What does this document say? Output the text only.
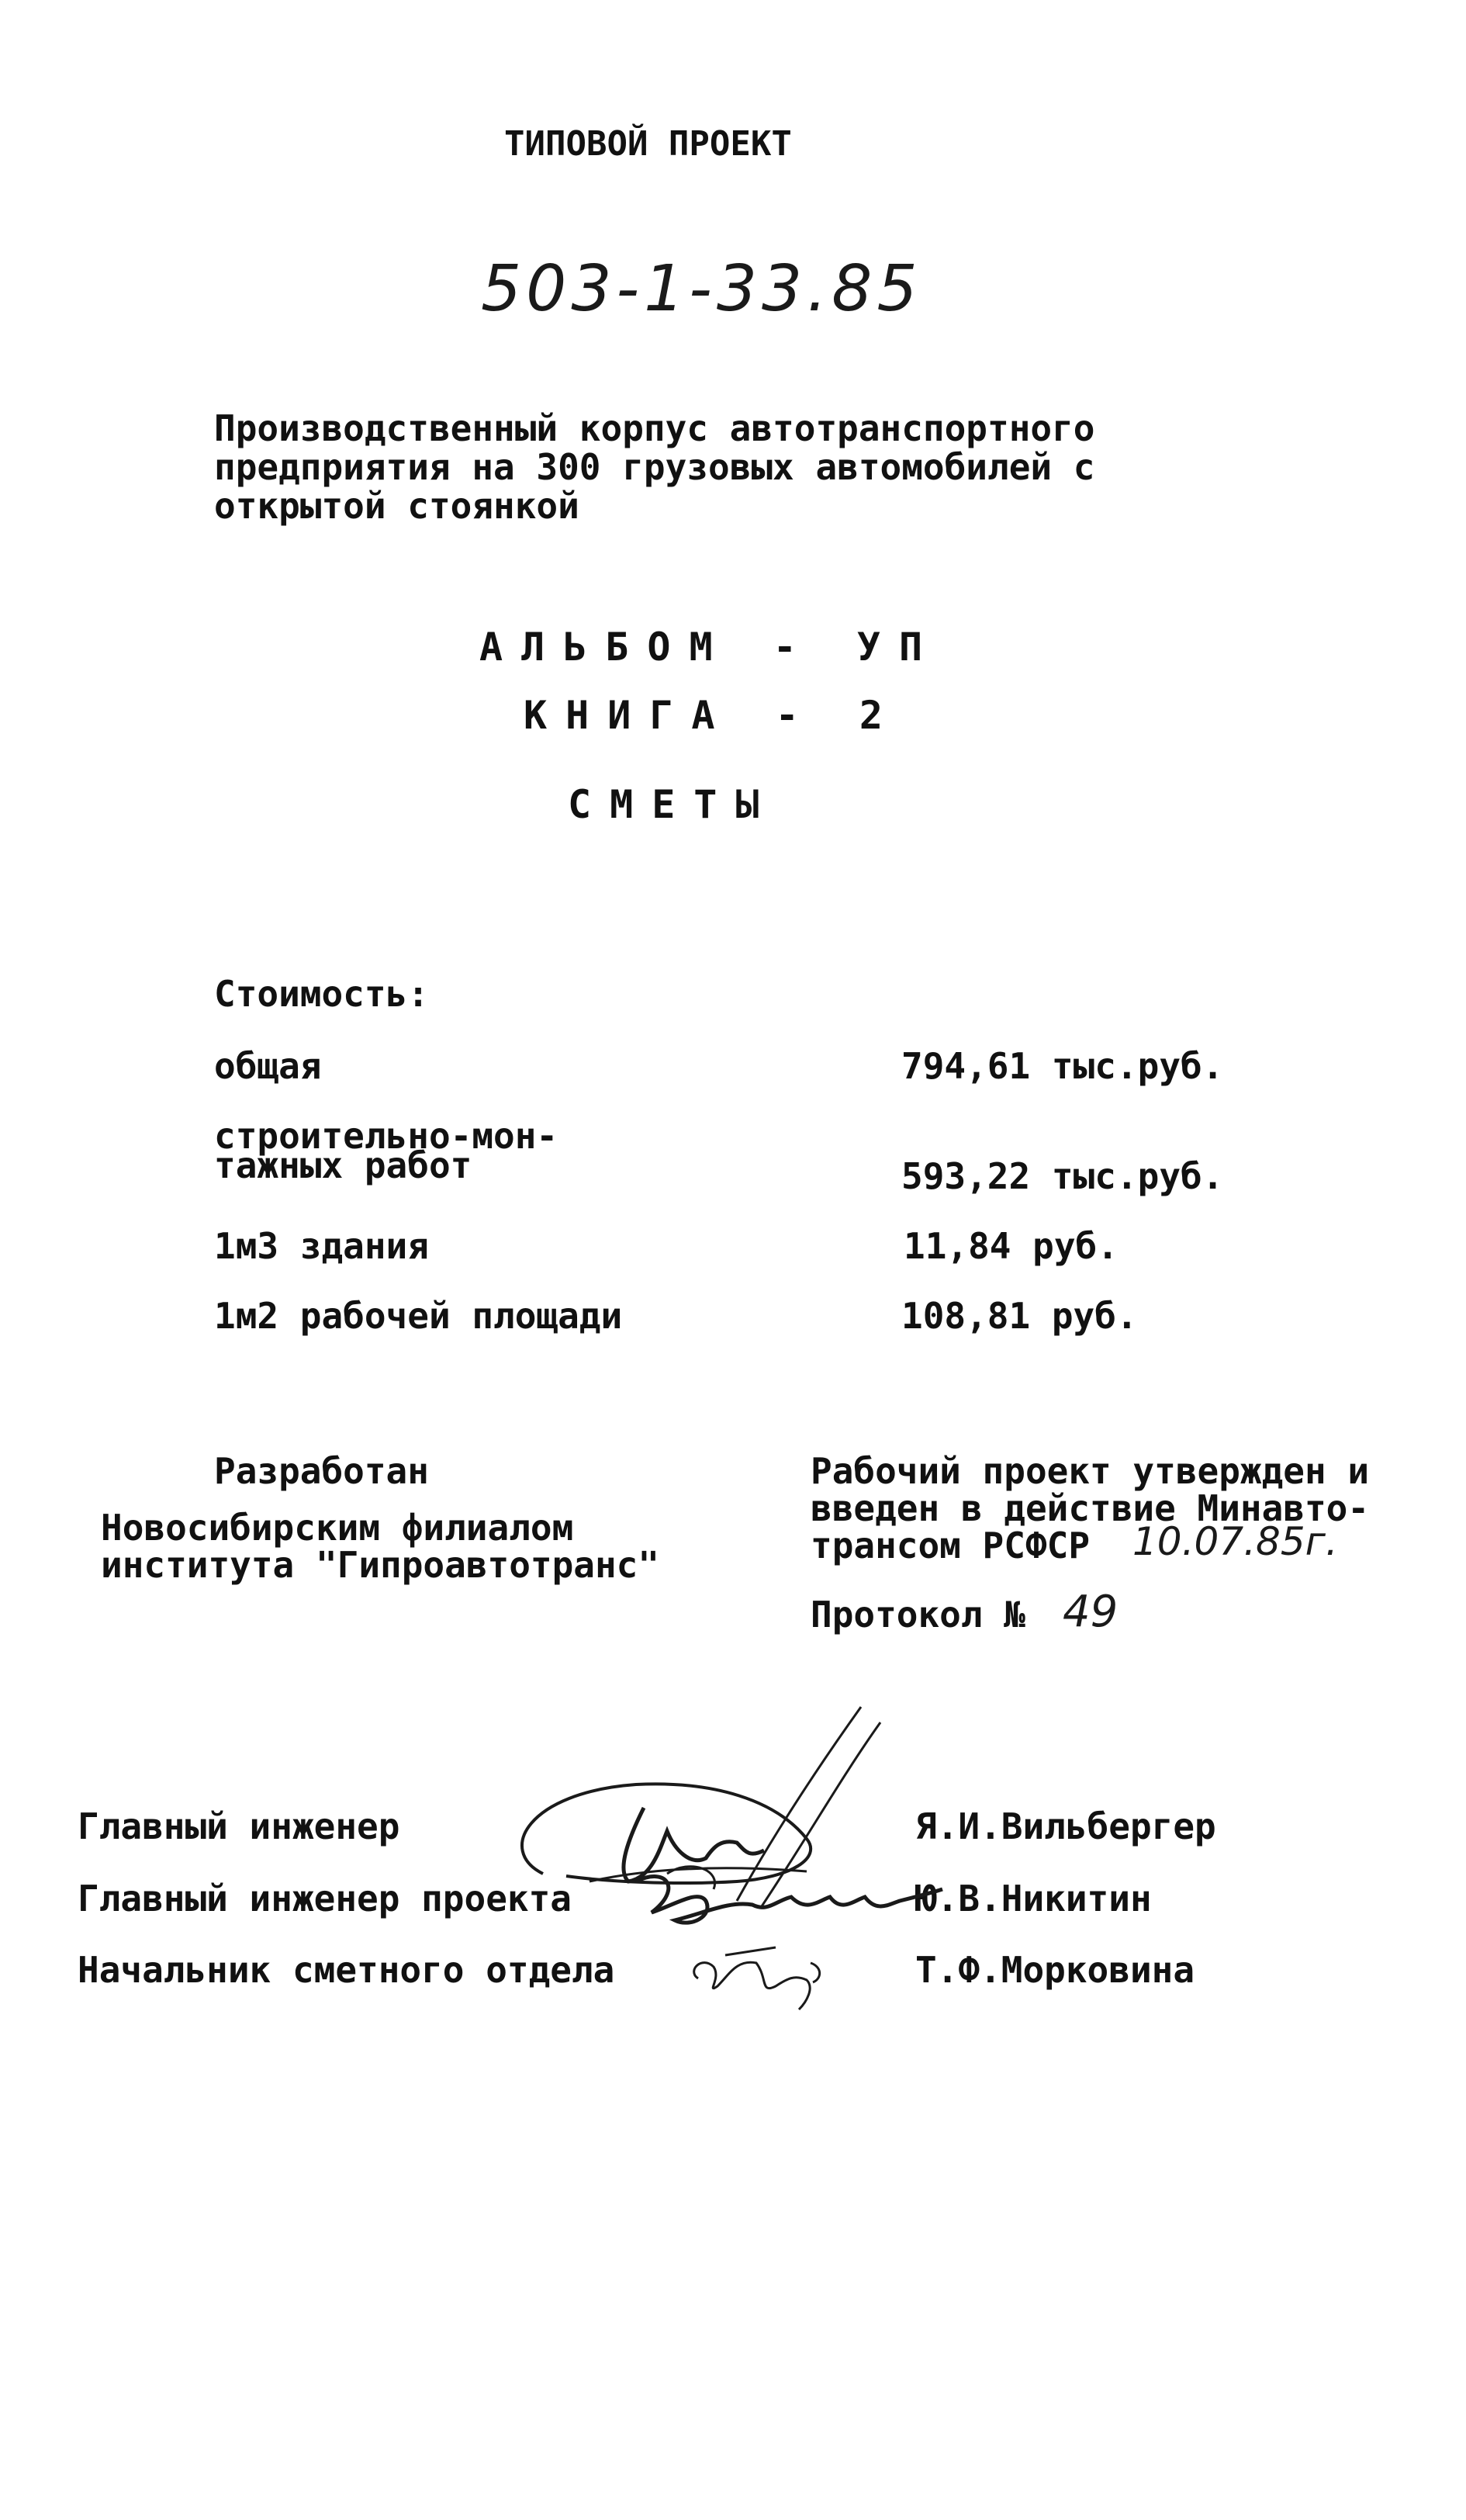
ТИПОВОЙ ПРОЕКТ
503-1-33.85
Производственный корпус автотранспортного
предприятия на 300 грузовых автомобилей с
открытой стоянкой
АЛЬБОМ - УП
КНИГА - 2
СМЕТЫ
Стоимость:
общая	794,61 тыс.руб.
строительно-мон-
тажных работ	593,22 тыс.руб.
1м3 здания	11,84 руб.
1м2 рабочей площади	108,81 руб.
Разработан
Новосибирским филиалом
института "Гипроавтотранс"
Рабочий проект утвержден и
введен в действие Минавто-
трансом РСФСР 10.07.85г.
Протокол № 49
Главный инженер	Я.И.Вильбергер
Главный инженер проекта	Ю.В.Никитин
Начальник сметного отдела	Т.Ф.Морковина
